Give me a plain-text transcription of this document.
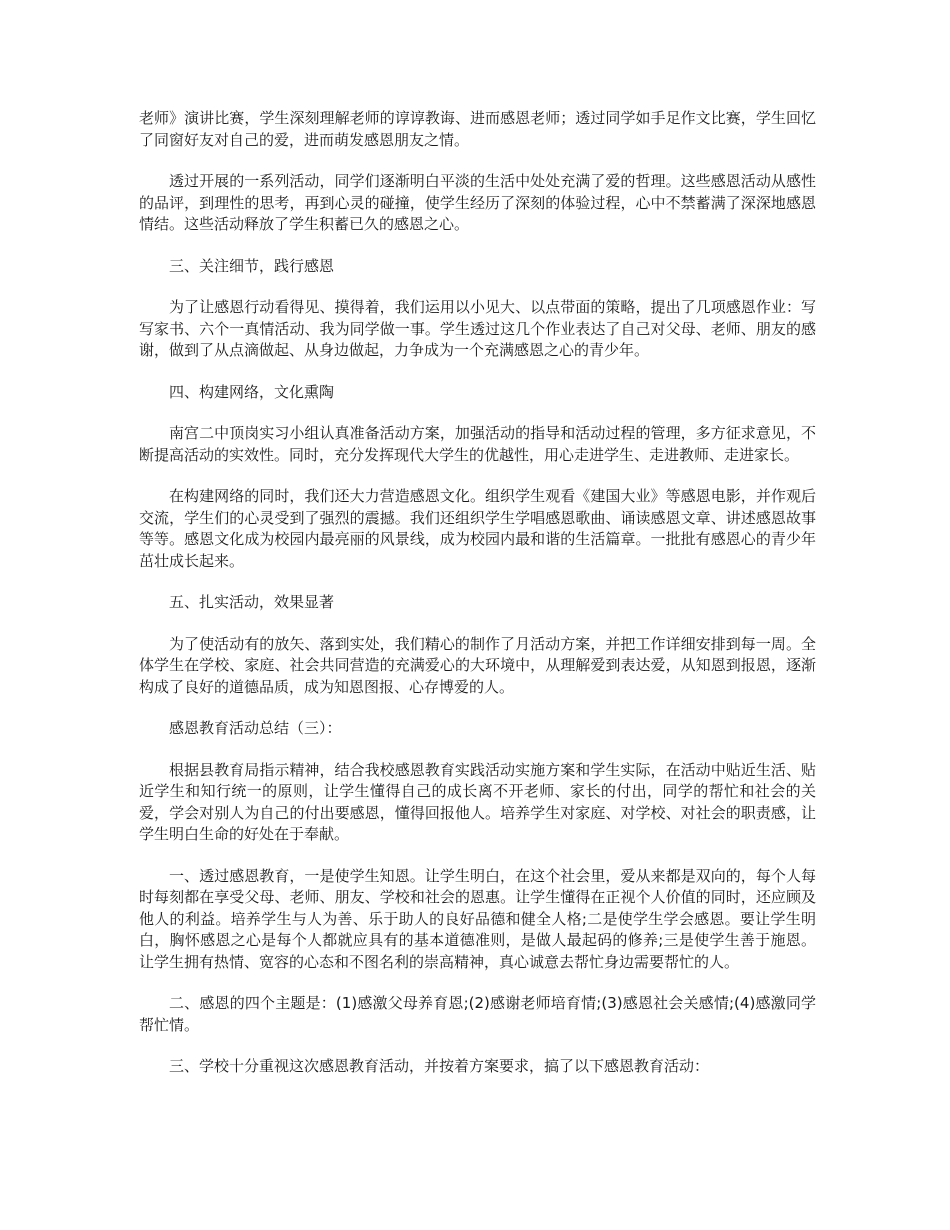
老师》演讲比赛，学生深刻理解老师的谆谆教诲、进而感恩老师；透过同学如手足作文比赛，学生回忆了同窗好友对自己的爱，进而萌发感恩朋友之情。

透过开展的一系列活动，同学们逐渐明白平淡的生活中处处充满了爱的哲理。这些感恩活动从感性的品评，到理性的思考，再到心灵的碰撞，使学生经历了深刻的体验过程，心中不禁蓄满了深深地感恩情结。这些活动释放了学生积蓄已久的感恩之心。

三、关注细节，践行感恩

为了让感恩行动看得见、摸得着，我们运用以小见大、以点带面的策略，提出了几项感恩作业：写写家书、六个一真情活动、我为同学做一事。学生透过这几个作业表达了自己对父母、老师、朋友的感谢，做到了从点滴做起、从身边做起，力争成为一个充满感恩之心的青少年。

四、构建网络，文化熏陶

南宫二中顶岗实习小组认真准备活动方案，加强活动的指导和活动过程的管理，多方征求意见，不断提高活动的实效性。同时，充分发挥现代大学生的优越性，用心走进学生、走进教师、走进家长。

在构建网络的同时，我们还大力营造感恩文化。组织学生观看《建国大业》等感恩电影，并作观后交流，学生们的心灵受到了强烈的震撼。我们还组织学生学唱感恩歌曲、诵读感恩文章、讲述感恩故事等等。感恩文化成为校园内最亮丽的风景线，成为校园内最和谐的生活篇章。一批批有感恩心的青少年茁壮成长起来。

五、扎实活动，效果显著

为了使活动有的放矢、落到实处，我们精心的制作了月活动方案，并把工作详细安排到每一周。全体学生在学校、家庭、社会共同营造的充满爱心的大环境中，从理解爱到表达爱，从知恩到报恩，逐渐构成了良好的道德品质，成为知恩图报、心存博爱的人。

感恩教育活动总结（三）：

根据县教育局指示精神，结合我校感恩教育实践活动实施方案和学生实际，在活动中贴近生活、贴近学生和知行统一的原则，让学生懂得自己的成长离不开老师、家长的付出，同学的帮忙和社会的关爱，学会对别人为自己的付出要感恩，懂得回报他人。培养学生对家庭、对学校、对社会的职责感，让学生明白生命的好处在于奉献。

一、透过感恩教育，一是使学生知恩。让学生明白，在这个社会里，爱从来都是双向的，每个人每时每刻都在享受父母、老师、朋友、学校和社会的恩惠。让学生懂得在正视个人价值的同时，还应顾及他人的利益。培养学生与人为善、乐于助人的良好品德和健全人格;二是使学生学会感恩。要让学生明白，胸怀感恩之心是每个人都就应具有的基本道德准则，是做人最起码的修养;三是使学生善于施恩。让学生拥有热情、宽容的心态和不图名利的崇高精神，真心诚意去帮忙身边需要帮忙的人。

二、感恩的四个主题是：(1)感激父母养育恩;(2)感谢老师培育情;(3)感恩社会关感情;(4)感激同学帮忙情。

三、学校十分重视这次感恩教育活动，并按着方案要求，搞了以下感恩教育活动：
